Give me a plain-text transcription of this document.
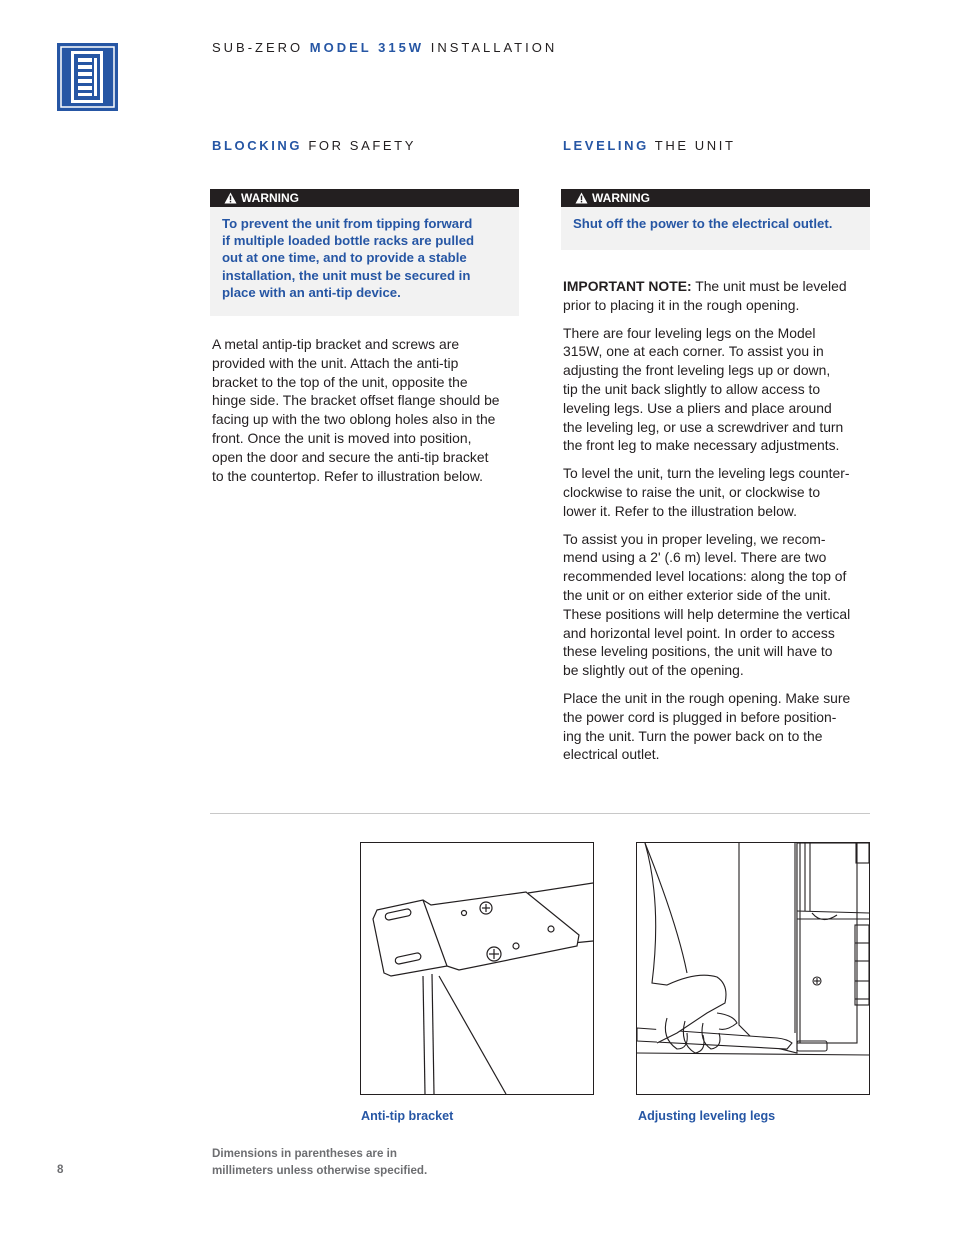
SUB-ZERO MODEL 315W INSTALLATION
BLOCKING FOR SAFETY	LEVELING THE UNIT
WARNING
To prevent the unit from tipping forward
if multiple loaded bottle racks are pulled
out at one time, and to provide a stable
installation, the unit must be secured in
place with an anti-tip device.
WARNING
Shut off the power to the electrical outlet.

A metal antip-tip bracket and screws are
provided with the unit. Attach the anti-tip
bracket to the top of the unit, opposite the
hinge side. The bracket offset flange should be
facing up with the two oblong holes also in the
front. Once the unit is moved into position,
open the door and secure the anti-tip bracket
to the countertop. Refer to illustration below.

IMPORTANT NOTE: The unit must be leveled
prior to placing it in the rough opening.

There are four leveling legs on the Model
315W, one at each corner. To assist you in
adjusting the front leveling legs up or down,
tip the unit back slightly to allow access to
leveling legs. Use a pliers and place around
the leveling leg, or use a screwdriver and turn
the front leg to make necessary adjustments.

To level the unit, turn the leveling legs counter-
clockwise to raise the unit, or clockwise to
lower it. Refer to the illustration below.

To assist you in proper leveling, we recom-
mend using a 2' (.6 m) level. There are two
recommended level locations: along the top of
the unit or on either exterior side of the unit.
These positions will help determine the vertical
and horizontal level point. In order to access
these leveling positions, the unit will have to
be slightly out of the opening.

Place the unit in the rough opening. Make sure
the power cord is plugged in before position-
ing the unit. Turn the power back on to the
electrical outlet.

Anti-tip bracket	Adjusting leveling legs
Dimensions in parentheses are in
millimeters unless otherwise specified.
8
